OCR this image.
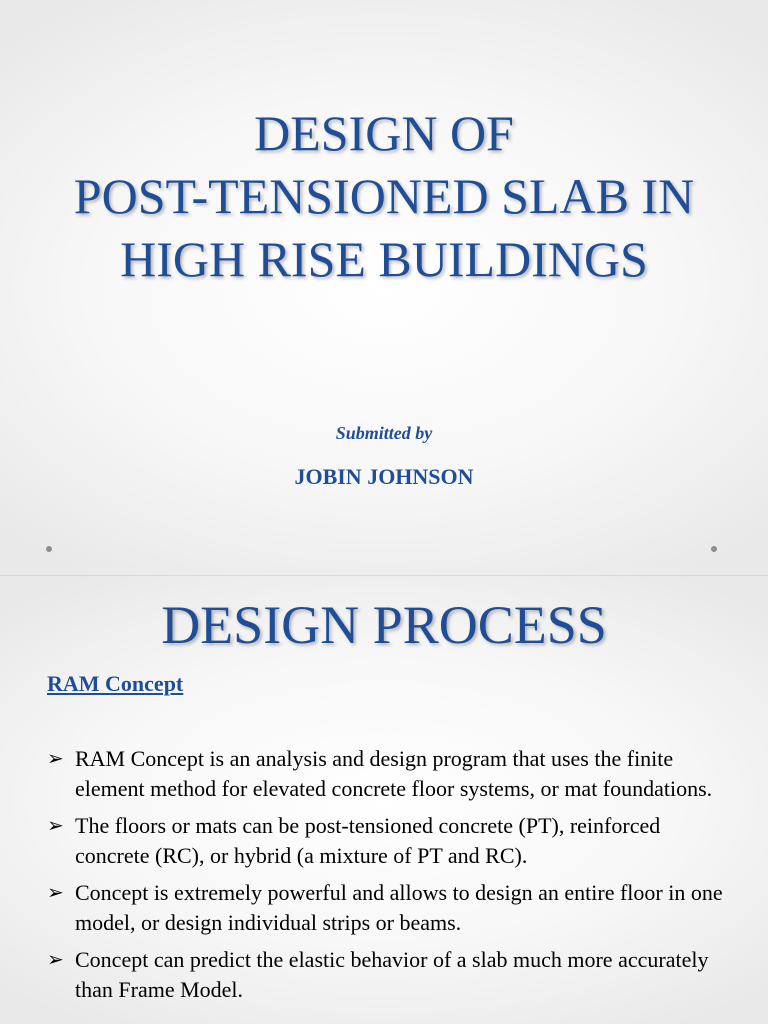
DESIGN OF
POST-TENSIONED SLAB IN
HIGH RISE BUILDINGS
Submitted by
JOBIN JOHNSON
DESIGN PROCESS
RAM Concept
➢ RAM Concept is an analysis and design program that uses the finite element method for elevated concrete floor systems, or mat foundations.
➢ The floors or mats can be post-tensioned concrete (PT), reinforced concrete (RC), or hybrid (a mixture of PT and RC).
➢ Concept is extremely powerful and allows to design an entire floor in one model, or design individual strips or beams.
➢ Concept can predict the elastic behavior of a slab much more accurately than Frame Model.
